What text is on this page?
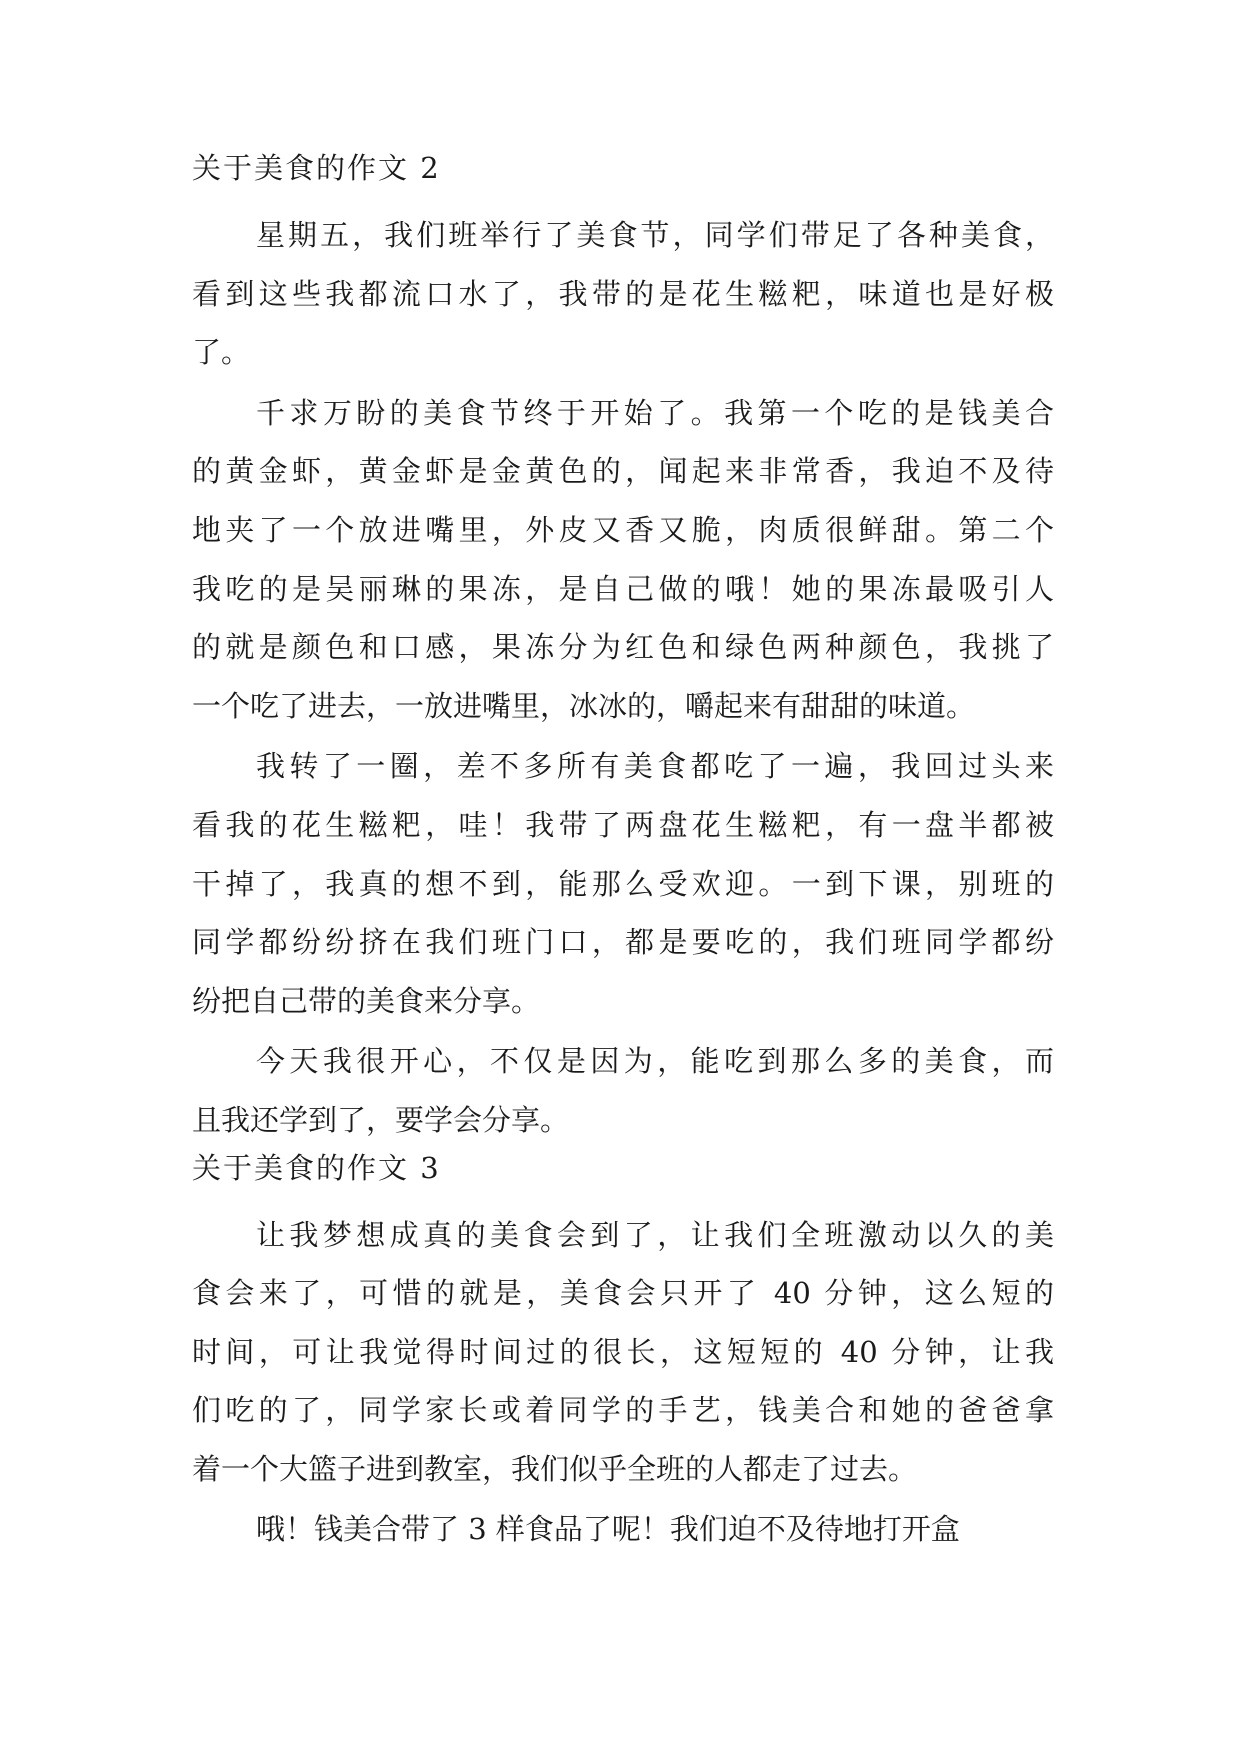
关于美食的作文 2
星期五，我们班举行了美食节，同学们带足了各种美食，
看到这些我都流口水了，我带的是花生糍粑，味道也是好极
了。
千求万盼的美食节终于开始了。我第一个吃的是钱美合
的黄金虾，黄金虾是金黄色的，闻起来非常香，我迫不及待
地夹了一个放进嘴里，外皮又香又脆，肉质很鲜甜。第二个
我吃的是吴丽琳的果冻，是自己做的哦！她的果冻最吸引人
的就是颜色和口感，果冻分为红色和绿色两种颜色，我挑了
一个吃了进去，一放进嘴里，冰冰的，嚼起来有甜甜的味道。
我转了一圈，差不多所有美食都吃了一遍，我回过头来
看我的花生糍粑，哇！我带了两盘花生糍粑，有一盘半都被
干掉了，我真的想不到，能那么受欢迎。一到下课，别班的
同学都纷纷挤在我们班门口，都是要吃的，我们班同学都纷
纷把自己带的美食来分享。
今天我很开心，不仅是因为，能吃到那么多的美食，而
且我还学到了，要学会分享。
关于美食的作文 3
让我梦想成真的美食会到了，让我们全班激动以久的美
食会来了，可惜的就是，美食会只开了 40 分钟，这么短的
时间，可让我觉得时间过的很长，这短短的 40 分钟，让我
们吃的了，同学家长或着同学的手艺，钱美合和她的爸爸拿
着一个大篮子进到教室，我们似乎全班的人都走了过去。
哦！钱美合带了 3 样食品了呢！我们迫不及待地打开盒
